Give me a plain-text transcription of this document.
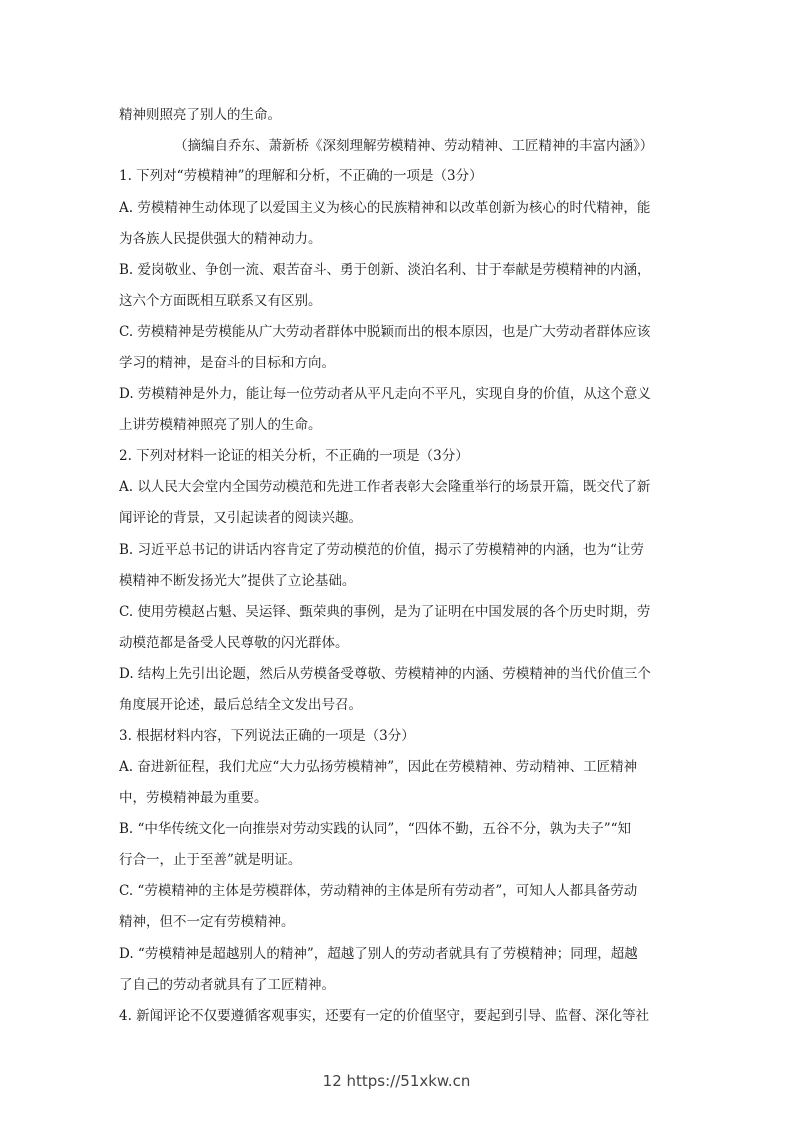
精神则照亮了别人的生命。
（摘编自乔东、萧新桥《深刻理解劳模精神、劳动精神、工匠精神的丰富内涵》）
1. 下列对“劳模精神”的理解和分析，不正确的一项是（3分）
A. 劳模精神生动体现了以爱国主义为核心的民族精神和以改革创新为核心的时代精神，能
为各族人民提供强大的精神动力。
B. 爱岗敬业、争创一流、艰苦奋斗、勇于创新、淡泊名利、甘于奉献是劳模精神的内涵，
这六个方面既相互联系又有区别。
C. 劳模精神是劳模能从广大劳动者群体中脱颖而出的根本原因，也是广大劳动者群体应该
学习的精神，是奋斗的目标和方向。
D. 劳模精神是外力，能让每一位劳动者从平凡走向不平凡，实现自身的价值，从这个意义
上讲劳模精神照亮了别人的生命。
2. 下列对材料一论证的相关分析，不正确的一项是（3分）
A. 以人民大会堂内全国劳动模范和先进工作者表彰大会隆重举行的场景开篇，既交代了新
闻评论的背景，又引起读者的阅读兴趣。
B. 习近平总书记的讲话内容肯定了劳动模范的价值，揭示了劳模精神的内涵，也为“让劳
模精神不断发扬光大”提供了立论基础。
C. 使用劳模赵占魁、吴运铎、甄荣典的事例，是为了证明在中国发展的各个历史时期，劳
动模范都是备受人民尊敬的闪光群体。
D. 结构上先引出论题，然后从劳模备受尊敬、劳模精神的内涵、劳模精神的当代价值三个
角度展开论述，最后总结全文发出号召。
3. 根据材料内容，下列说法正确的一项是（3分）
A. 奋进新征程，我们尤应“大力弘扬劳模精神”，因此在劳模精神、劳动精神、工匠精神
中，劳模精神最为重要。
B. “中华传统文化一向推崇对劳动实践的认同”，“四体不勤，五谷不分，孰为夫子”“知
行合一，止于至善”就是明证。
C. “劳模精神的主体是劳模群体，劳动精神的主体是所有劳动者”，可知人人都具备劳动
精神，但不一定有劳模精神。
D. “劳模精神是超越别人的精神”，超越了别人的劳动者就具有了劳模精神；同理，超越
了自己的劳动者就具有了工匠精神。
4. 新闻评论不仅要遵循客观事实，还要有一定的价值坚守，要起到引导、监督、深化等社
12 https://51xkw.cn
